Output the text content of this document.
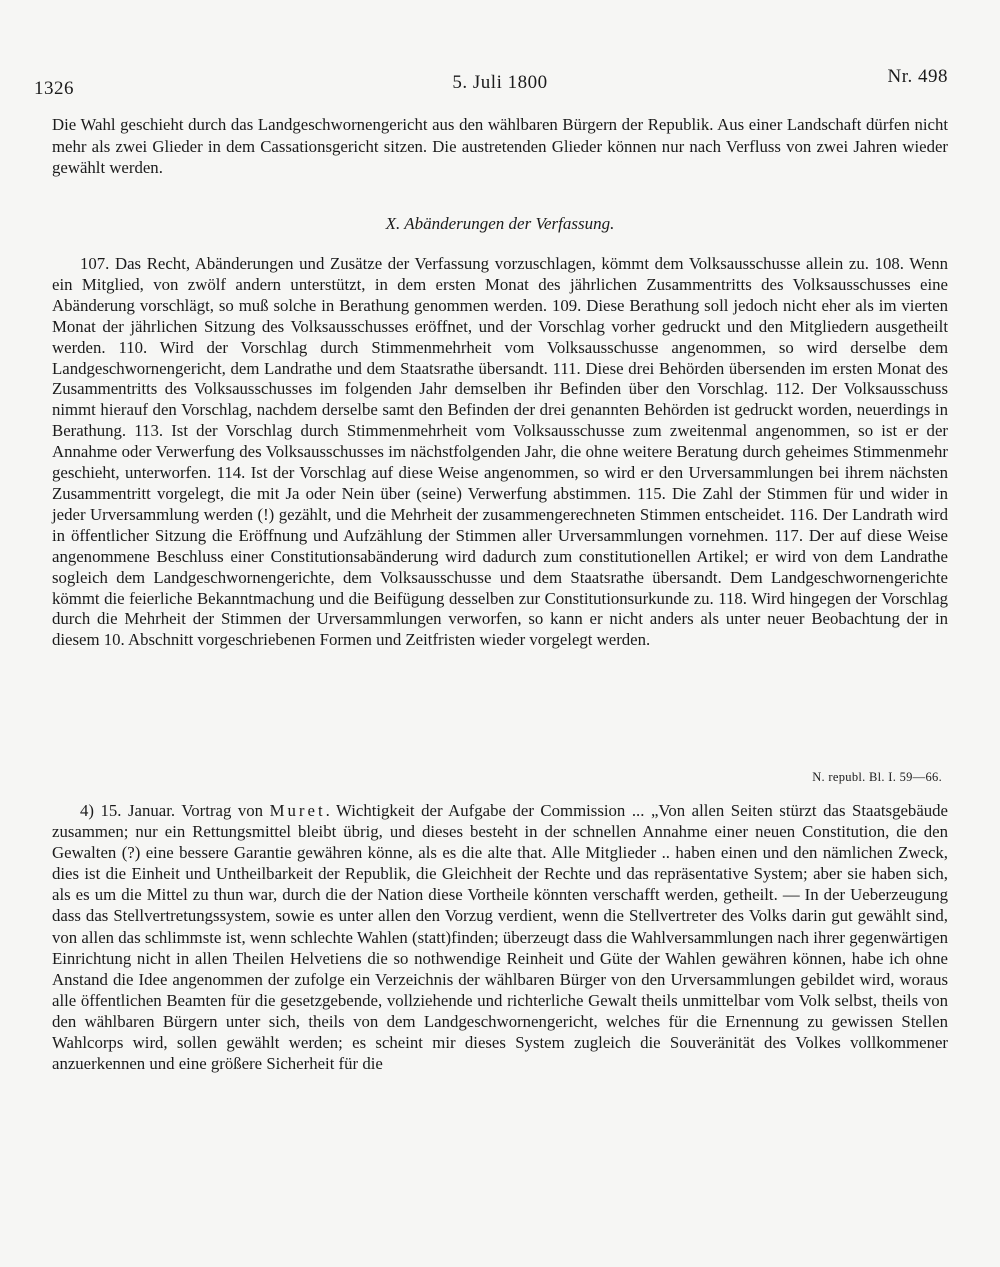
1326	5. Juli 1800	Nr. 498

Die Wahl geschieht durch das Landgeschwornengericht aus den wählbaren Bürgern der Republik. Aus einer Landschaft dürfen nicht mehr als zwei Glieder in dem Cassationsgericht sitzen. Die austretenden Glieder können nur nach Verfluss von zwei Jahren wieder gewählt werden.

X. Abänderungen der Verfassung.

107. Das Recht, Abänderungen und Zusätze der Verfassung vorzuschlagen, kömmt dem Volksausschusse allein zu. 108. Wenn ein Mitglied, von zwölf andern unterstützt, in dem ersten Monat des jährlichen Zusammentritts des Volksausschusses eine Abänderung vorschlägt, so muß solche in Berathung genommen werden. 109. Diese Berathung soll jedoch nicht eher als im vierten Monat der jährlichen Sitzung des Volksausschusses eröffnet, und der Vorschlag vorher gedruckt und den Mitgliedern ausgetheilt werden. 110. Wird der Vorschlag durch Stimmenmehrheit vom Volksausschusse angenommen, so wird derselbe dem Landgeschwornengericht, dem Landrathe und dem Staatsrathe übersandt. 111. Diese drei Behörden übersenden im ersten Monat des Zusammentritts des Volksausschusses im folgenden Jahr demselben ihr Befinden über den Vorschlag. 112. Der Volksausschuss nimmt hierauf den Vorschlag, nachdem derselbe samt den Befinden der drei genannten Behörden ist gedruckt worden, neuerdings in Berathung. 113. Ist der Vorschlag durch Stimmenmehrheit vom Volksausschusse zum zweitenmal angenommen, so ist er der Annahme oder Verwerfung des Volksausschusses im nächstfolgenden Jahr, die ohne weitere Beratung durch geheimes Stimmenmehr geschieht, unterworfen. 114. Ist der Vorschlag auf diese Weise angenommen, so wird er den Urversammlungen bei ihrem nächsten Zusammentritt vorgelegt, die mit Ja oder Nein über (seine) Verwerfung abstimmen. 115. Die Zahl der Stimmen für und wider in jeder Urversammlung werden (!) gezählt, und die Mehrheit der zusammengerechneten Stimmen entscheidet. 116. Der Landrath wird in öffentlicher Sitzung die Eröffnung und Aufzählung der Stimmen aller Urversammlungen vornehmen. 117. Der auf diese Weise angenommene Beschluss einer Constitutionsabänderung wird dadurch zum constitutionellen Artikel; er wird von dem Landrathe sogleich dem Landgeschwornengerichte, dem Volksausschusse und dem Staatsrathe übersandt. Dem Landgeschwornengerichte kömmt die feierliche Bekanntmachung und die Beifügung desselben zur Constitutionsurkunde zu. 118. Wird hingegen der Vorschlag durch die Mehrheit der Stimmen der Urversammlungen verworfen, so kann er nicht anders als unter neuer Beobachtung der in diesem 10. Abschnitt vorgeschriebenen Formen und Zeitfristen wieder vorgelegt werden.

N. republ. Bl. I. 59—66.

4) 15. Januar. Vortrag von Muret. Wichtigkeit der Aufgabe der Commission ... „Von allen Seiten stürzt das Staatsgebäude zusammen; nur ein Rettungsmittel bleibt übrig, und dieses besteht in der schnellen Annahme einer neuen Constitution, die den Gewalten (?) eine bessere Garantie gewähren könne, als es die alte that. Alle Mitglieder .. haben einen und den nämlichen Zweck, dies ist die Einheit und Untheilbarkeit der Republik, die Gleichheit der Rechte und das repräsentative System; aber sie haben sich, als es um die Mittel zu thun war, durch die der Nation diese Vortheile könnten verschafft werden, getheilt. — In der Ueberzeugung dass das Stellvertretungssystem, sowie es unter allen den Vorzug verdient, wenn die Stellvertreter des Volks darin gut gewählt sind, von allen das schlimmste ist, wenn schlechte Wahlen (statt)finden; überzeugt dass die Wahlversammlungen nach ihrer gegenwärtigen Einrichtung nicht in allen Theilen Helvetiens die so nothwendige Reinheit und Güte der Wahlen gewähren können, habe ich ohne Anstand die Idee angenommen der zufolge ein Verzeichnis der wählbaren Bürger von den Urversammlungen gebildet wird, woraus alle öffentlichen Beamten für die gesetzgebende, vollziehende und richterliche Gewalt theils unmittelbar vom Volk selbst, theils von den wählbaren Bürgern unter sich, theils von dem Landgeschwornengericht, welches für die Ernennung zu gewissen Stellen Wahlcorps wird, sollen gewählt werden; es scheint mir dieses System zugleich die Souveränität des Volkes vollkommener anzuerkennen und eine größere Sicherheit für die
